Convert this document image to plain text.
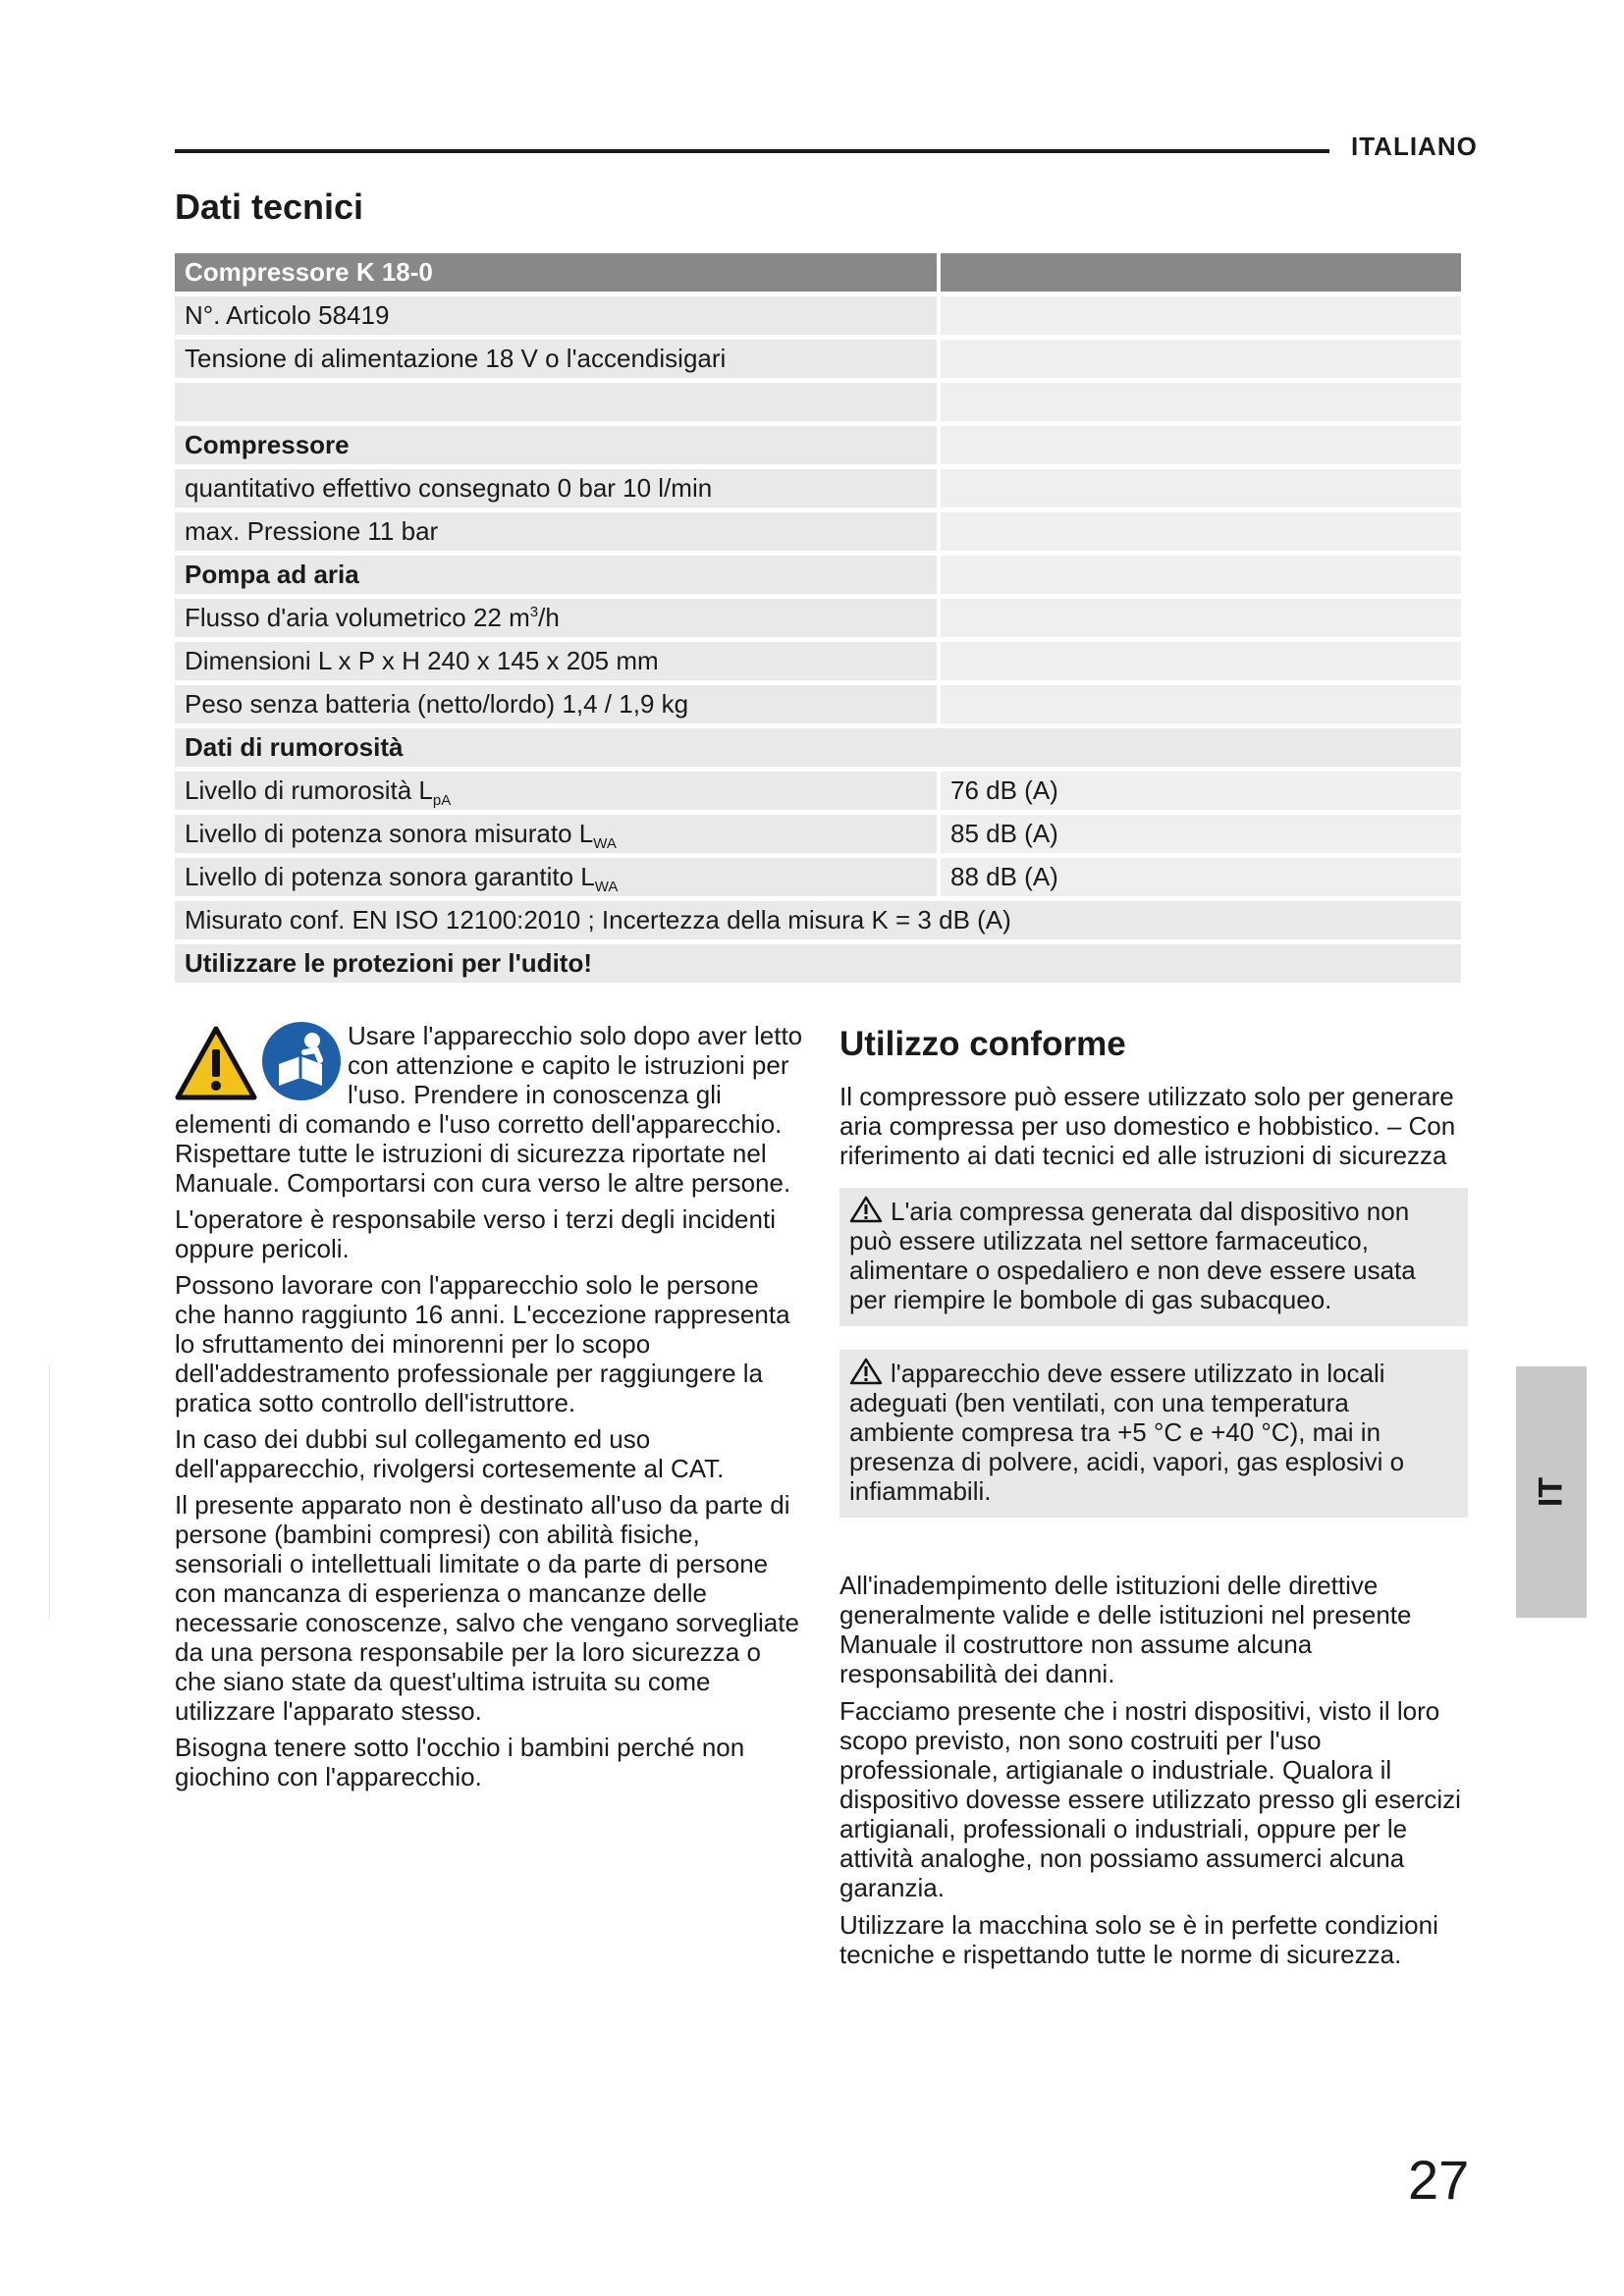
ITALIANO
Dati tecnici
Compressore K 18-0	
N°. Articolo 58419	
Tensione di alimentazione 18 V o l'accendisigari	

Compressore	
quantitativo effettivo consegnato 0 bar 10 l/min	
max. Pressione 11 bar	
Pompa ad aria	
Flusso d'aria volumetrico 22 $m^3/h$	
Dimensioni L x P x H 240 x 145 x 205 mm	
Peso senza batteria (netto/lordo) 1,4 / 1,9 kg	
Dati di rumorosità	
Livello di rumorosità $L_{pA}$	76 dB (A)
Livello di potenza sonora misurato $L_{WA}$	85 dB (A)
Livello di potenza sonora garantito $L_{WA}$	88 dB (A)
Misurato conf. EN ISO 12100:2010 ; Incertezza della misura K = 3 dB (A)	
Utilizzare le protezioni per l'udito!	

Usare l'apparecchio solo dopo aver letto con attenzione e capito le istruzioni per l'uso. Prendere in conoscenza gli elementi di comando e l'uso corretto dell'apparecchio. Rispettare tutte le istruzioni di sicurezza riportate nel Manuale. Comportarsi con cura verso le altre persone.

L'operatore è responsabile verso i terzi degli incidenti oppure pericoli.

Possono lavorare con l'apparecchio solo le persone che hanno raggiunto 16 anni. L'eccezione rappresenta lo sfruttamento dei minorenni per lo scopo dell'addestramento professionale per raggiungere la pratica sotto controllo dell'istruttore.

In caso dei dubbi sul collegamento ed uso dell'apparecchio, rivolgersi cortesemente al CAT.

Il presente apparato non è destinato all'uso da parte di persone (bambini compresi) con abilità fisiche, sensoriali o intellettuali limitate o da parte di persone con mancanza di esperienza o mancanze delle necessarie conoscenze, salvo che vengano sorvegliate da una persona responsabile per la loro sicurezza o che siano state da quest'ultima istruita su come utilizzare l'apparato stesso.

Bisogna tenere sotto l'occhio i bambini perché non giochino con l'apparecchio.

Utilizzo conforme

Il compressore può essere utilizzato solo per generare aria compressa per uso domestico e hobbistico. – Con riferimento ai dati tecnici ed alle istruzioni di sicurezza

L'aria compressa generata dal dispositivo non può essere utilizzata nel settore farmaceutico, alimentare o ospedaliero e non deve essere usata per riempire le bombole di gas subacqueo.
l'apparecchio deve essere utilizzato in locali adeguati (ben ventilati, con una temperatura ambiente compresa tra +5 °C e +40 °C), mai in presenza di polvere, acidi, vapori, gas esplosivi o infiammabili.

All'inadempimento delle istituzioni delle direttive generalmente valide e delle istituzioni nel presente Manuale il costruttore non assume alcuna responsabilità dei danni.

Facciamo presente che i nostri dispositivi, visto il loro scopo previsto, non sono costruiti per l'uso professionale, artigianale o industriale. Qualora il dispositivo dovesse essere utilizzato presso gli esercizi artigianali, professionali o industriali, oppure per le attività analoghe, non possiamo assumerci alcuna garanzia.

Utilizzare la macchina solo se è in perfette condizioni tecniche e rispettando tutte le norme di sicurezza.

IT
27
